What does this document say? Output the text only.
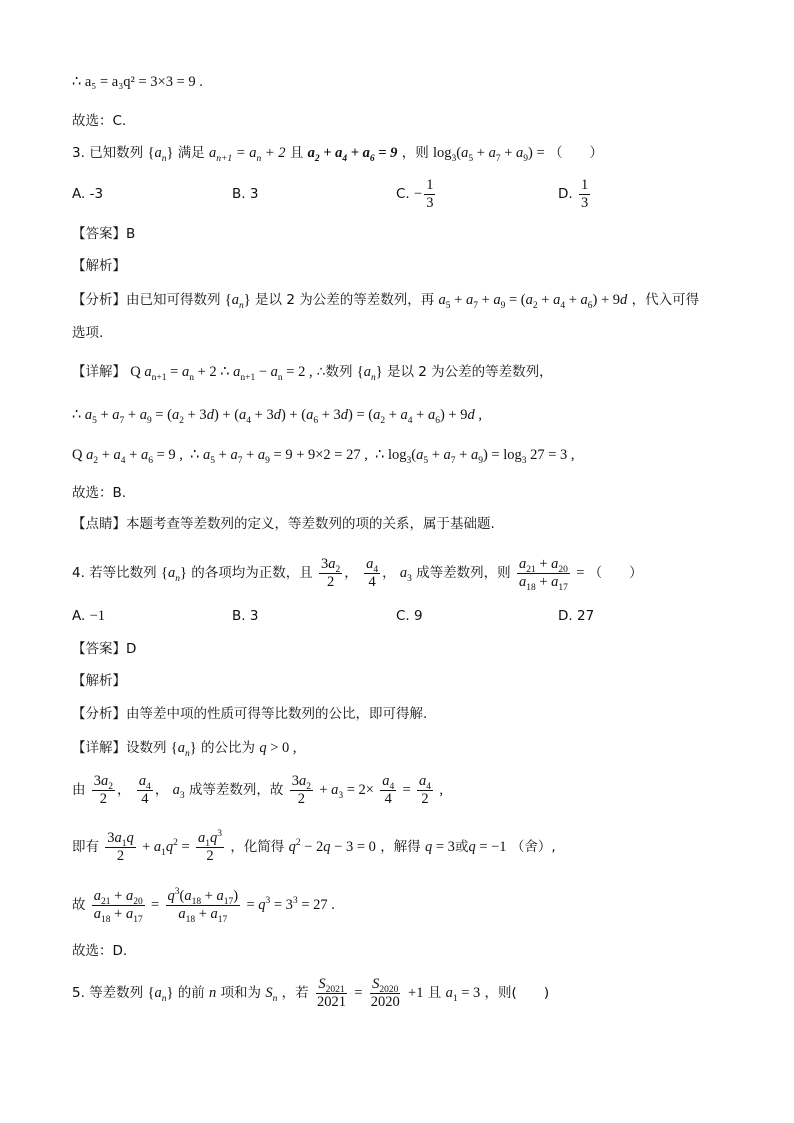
∴ a₅ = a₃q² = 3×3 = 9 .
故选：C.
3. 已知数列 $\{a_n\}$ 满足 $a_{n+1} = a_n + 2$ 且 $a_2 + a_4 + a_6 = 9$ ，则 $\log_3(a_5 + a_7 + a_9)$ = （　　）
A. -3	B. 3	C. − $\frac{1}{3}$	D. $\frac{1}{3}$
【答案】B
【解析】
【分析】由已知可得数列 $\{a_n\}$ 是以 2 为公差的等差数列，再 $a_5 + a_7 + a_9 = (a_2 + a_4 + a_6) + 9d$ ，代入可得
选项.
【详解】 Q $a_{n+1} = a_n + 2$ ∴ $a_{n+1} - a_n = 2$ , ∴数列 $\{a_n\}$ 是以 2 为公差的等差数列，
∴ $a_5 + a_7 + a_9 = (a_2 + 3d) + (a_4 + 3d) + (a_6 + 3d) = (a_2 + a_4 + a_6) + 9d$ ,
Q $a_2 + a_4 + a_6 = 9$ ,  ∴ $a_5 + a_7 + a_9 = 9 + 9\times 2 = 27$ ,  ∴ $\log_3(a_5 + a_7 + a_9) = \log_3 27 = 3$ ,
故选：B.
【点睛】本题考查等差数列的定义，等差数列的项的关系，属于基础题.
4. 若等比数列 $\{a_n\}$ 的各项均为正数，且 $\frac{3a_2}{2}$ ， $\frac{a_4}{4}$ ， $a_3$ 成等差数列，则 $\frac{a_{21} + a_{20}}{a_{18} + a_{17}}$ = （　　）
A. −1	B. 3	C. 9	D. 27
【答案】D
【解析】
【分析】由等差中项的性质可得等比数列的公比，即可得解.
【详解】设数列 $\{a_n\}$ 的公比为 q > 0 ,
由 $\frac{3a_2}{2}$ ， $\frac{a_4}{4}$ ， $a_3$ 成等差数列，故 $\frac{3a_2}{2} + a_3 = 2\times \frac{a_4}{4} = \frac{a_4}{2}$ ,
即有 $\frac{3a_1q}{2} + a_1q^2 = \frac{a_1q^3}{2}$ ，化简得 $q^2 - 2q - 3 = 0$ ，解得 q = 3或q = −1 （舍）,
故 $\frac{a_{21} + a_{20}}{a_{18} + a_{17}} = \frac{q^3(a_{18} + a_{17})}{a_{18} + a_{17}} = q^3 = 3^3 = 27$ .
故选：D.
5. 等差数列 $\{a_n\}$ 的前 n 项和为 $S_n$ ，若 $\frac{S_{2021}}{2021} = \frac{S_{2020}}{2020} +1$ 且 $a_1 = 3$ ，则(　　)
